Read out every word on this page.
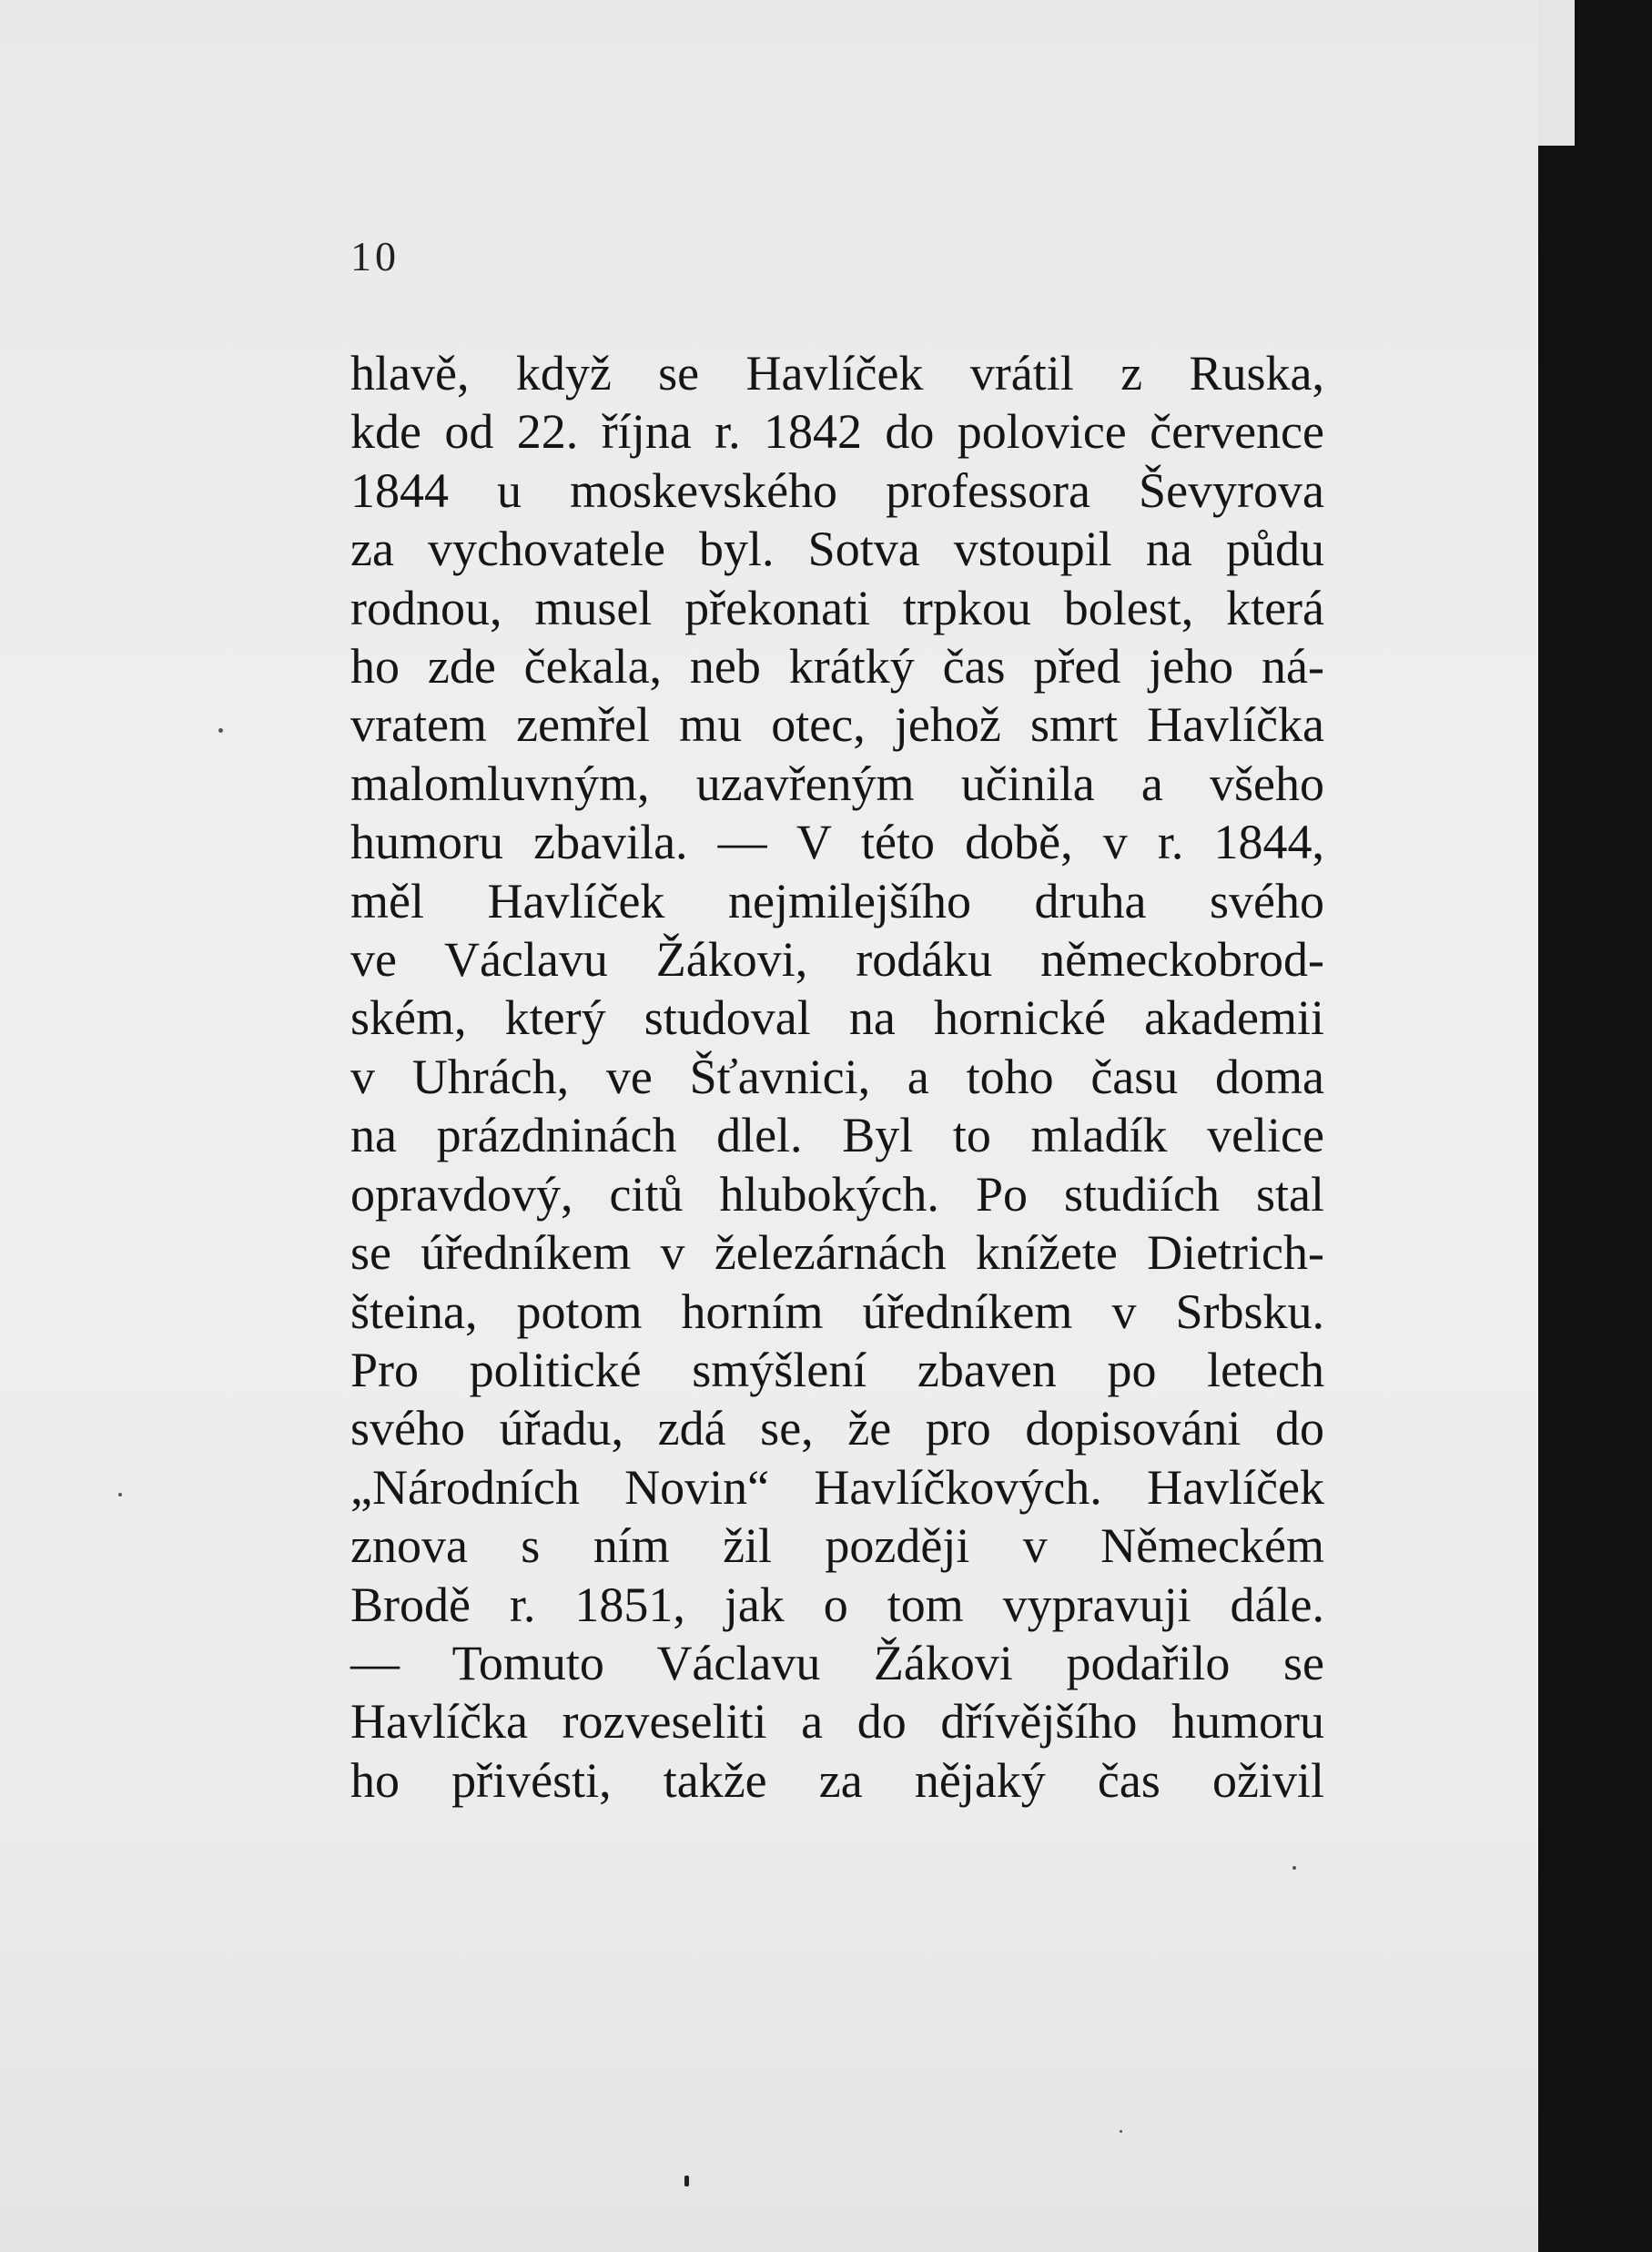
10
hlavě, když se Havlíček vrátil z Ruska,
kde od 22. října r. 1842 do polovice července
1844 u moskevského professora Ševyrova
za vychovatele byl. Sotva vstoupil na půdu
rodnou, musel překonati trpkou bolest, která
ho zde čekala, neb krátký čas před jeho ná-
vratem zemřel mu otec, jehož smrt Havlíčka
malomluvným, uzavřeným učinila a všeho
humoru zbavila. — V této době, v r. 1844,
měl Havlíček nejmilejšího druha svého
ve Václavu Žákovi, rodáku německobrod-
ském, který studoval na hornické akademii
v Uhrách, ve Šťavnici, a toho času doma
na prázdninách dlel. Byl to mladík velice
opravdový, citů hlubokých. Po studiích stal
se úředníkem v železárnách knížete Dietrich-
šteina, potom horním úředníkem v Srbsku.
Pro politické smýšlení zbaven po letech
svého úřadu, zdá se, že pro dopisováni do
„Národních Novin“ Havlíčkových. Havlíček
znova s ním žil později v Německém
Brodě r. 1851, jak o tom vypravuji dále.
— Tomuto Václavu Žákovi podařilo se
Havlíčka rozveseliti a do dřívějšího humoru
ho přivésti, takže za nějaký čas oživil
